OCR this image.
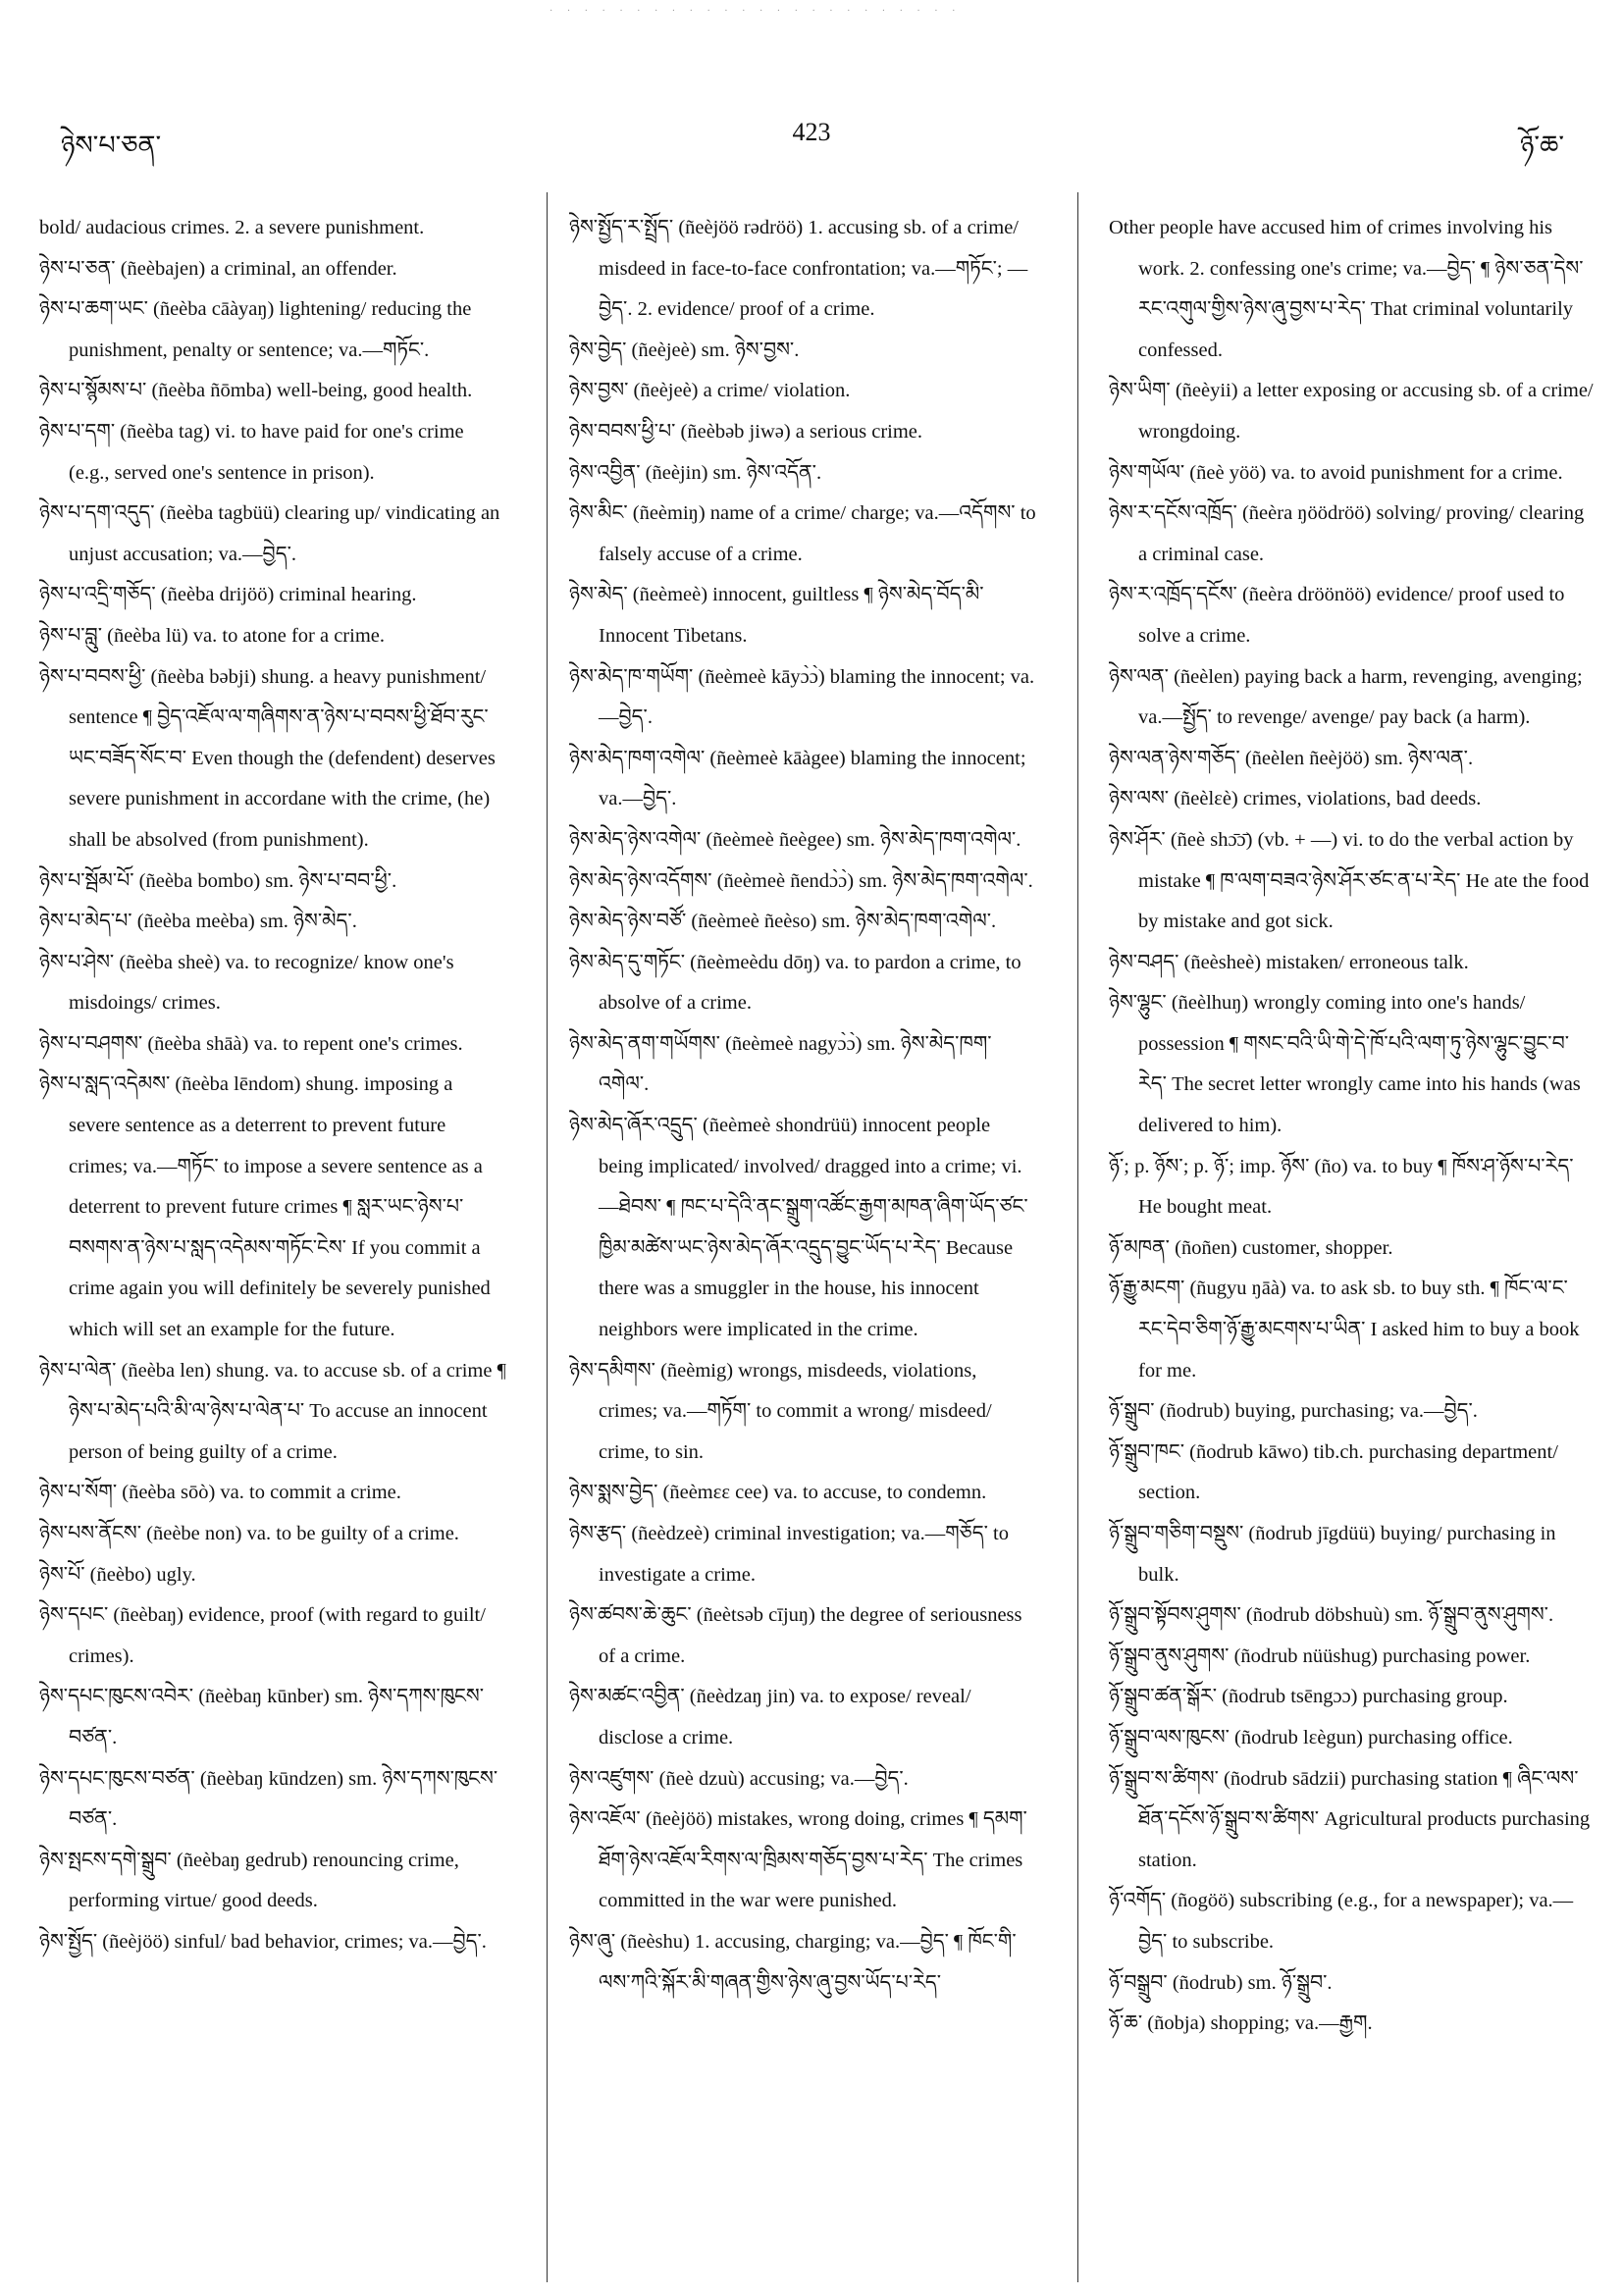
· · · · · · · · · · · · · · · · · · · · · · · ·
ཉེས་པ་ཅན་	423	ཉོ་ཆ་

bold/ audacious crimes. 2. a severe punishment.

ཉེས་པ་ཅན་ (ñeèbajen) a criminal, an offender.

ཉེས་པ་ཆག་ཡང་ (ñeèba cāàyaŋ) lightening/ reducing the punishment, penalty or sentence; va.—གཏོང་.

ཉེས་པ་སྙོམས་པ་ (ñeèba ñōmba) well-being, good health.

ཉེས་པ་དག་ (ñeèba tag) vi. to have paid for one's crime (e.g., served one's sentence in prison).

ཉེས་པ་དག་འདུད་ (ñeèba tagbüü) clearing up/ vindicating an unjust accusation; va.—བྱེད་.

ཉེས་པ་འདྲི་གཅོད་ (ñeèba drijöö) criminal hearing.

ཉེས་པ་བླུ་ (ñeèba lü) va. to atone for a crime.

ཉེས་པ་བབས་ཕྱི་ (ñeèba bəbji) shung. a heavy punishment/ sentence ¶ བྱེད་འཇོལ་ལ་གཞིགས་ན་ཉེས་པ་བབས་ཕྱི་ཐོབ་རུང་ཡང་བཟོད་སོང་བ་ Even though the (defendent) deserves severe punishment in accordane with the crime, (he) shall be absolved (from punishment).

ཉེས་པ་སྦོམ་པོ་ (ñeèba bombo) sm. ཉེས་པ་བབ་ཕྱི་.

ཉེས་པ་མེད་པ་ (ñeèba meèba) sm. ཉེས་མེད་.

ཉེས་པ་ཤེས་ (ñeèba sheè) va. to recognize/ know one's misdoings/ crimes.

ཉེས་པ་བཤགས་ (ñeèba shāà) va. to repent one's crimes.

ཉེས་པ་སླད་འདེམས་ (ñeèba lēndom) shung. imposing a severe sentence as a deterrent to prevent future crimes; va.—གཏོང་ to impose a severe sentence as a deterrent to prevent future crimes ¶ སླར་ཡང་ཉེས་པ་བསགས་ན་ཉེས་པ་སླད་འདེམས་གཏོང་ངེས་ If you commit a crime again you will definitely be severely punished which will set an example for the future.

ཉེས་པ་ལེན་ (ñeèba len) shung. va. to accuse sb. of a crime ¶ ཉེས་པ་མེད་པའི་མི་ལ་ཉེས་པ་ལེན་པ་ To accuse an innocent person of being guilty of a crime.

ཉེས་པ་སོག་ (ñeèba sōò) va. to commit a crime.

ཉེས་པས་ནོངས་ (ñeèbe non) va. to be guilty of a crime.

ཉེས་པོ་ (ñeèbo) ugly.

ཉེས་དཔང་ (ñeèbaŋ) evidence, proof (with regard to guilt/ crimes).

ཉེས་དཔང་ཁུངས་འབེར་ (ñeèbaŋ kūnber) sm. ཉེས་དཀས་ཁུངས་བཙན་.

ཉེས་དཔང་ཁུངས་བཙན་ (ñeèbaŋ kūndzen) sm. ཉེས་དཀས་ཁུངས་བཙན་.

ཉེས་སྤངས་དགེ་སྒྲུབ་ (ñeèbaŋ gedrub) renouncing crime, performing virtue/ good deeds.

ཉེས་སྤྱོད་ (ñeèjöö) sinful/ bad behavior, crimes; va.—བྱེད་.

ཉེས་སྤྱོད་ར་སྤྲོད་ (ñeèjöö rədröö) 1. accusing sb. of a crime/ misdeed in face-to-face confrontation; va.—གཏོང་; —བྱེད་. 2. evidence/ proof of a crime.

ཉེས་བྱེད་ (ñeèjeè) sm. ཉེས་བྱས་.

ཉེས་བྱས་ (ñeèjeè) a crime/ violation.

ཉེས་བབས་ཕྱི་པ་ (ñeèbəb jiwə) a serious crime.

ཉེས་འབྱིན་ (ñeèjin) sm. ཉེས་འདོན་.

ཉེས་མིང་ (ñeèmiŋ) name of a crime/ charge; va.—འདོགས་ to falsely accuse of a crime.

ཉེས་མེད་ (ñeèmeè) innocent, guiltless ¶ ཉེས་མེད་བོད་མི་ Innocent Tibetans.

ཉེས་མེད་ཁ་གཡོག་ (ñeèmeè kāyɔ̀ɔ̀) blaming the innocent; va.—བྱེད་.

ཉེས་མེད་ཁག་འགེལ་ (ñeèmeè kāàgee) blaming the innocent; va.—བྱེད་.

ཉེས་མེད་ཉེས་འགེལ་ (ñeèmeè ñeègee) sm. ཉེས་མེད་ཁག་འགེལ་.

ཉེས་མེད་ཉེས་འདོགས་ (ñeèmeè ñendɔ̀ɔ̀) sm. ཉེས་མེད་ཁག་འགེལ་.

ཉེས་མེད་ཉེས་བཙོ་ (ñeèmeè ñeèso) sm. ཉེས་མེད་ཁག་འགེལ་.

ཉེས་མེད་དུ་གཏོང་ (ñeèmeèdu dōŋ) va. to pardon a crime, to absolve of a crime.

ཉེས་མེད་ནག་གཡོགས་ (ñeèmeè nagyɔ̀ɔ̀) sm. ཉེས་མེད་ཁག་འགེལ་.

ཉེས་མེད་ཞོར་འདྲུད་ (ñeèmeè shondrüü) innocent people being implicated/ involved/ dragged into a crime; vi.—ཐེབས་ ¶ ཁང་པ་དེའི་ནང་སྒྲུག་འཚོང་རྒྱག་མཁན་ཞིག་ཡོད་ཙང་ཁྱིམ་མཚེས་ཡང་ཉེས་མེད་ཞོར་འདྲུད་བྱུང་ཡོད་པ་རེད་ Because there was a smuggler in the house, his innocent neighbors were implicated in the crime.

ཉེས་དམིགས་ (ñeèmig) wrongs, misdeeds, violations, crimes; va.—གཏོག་ to commit a wrong/ misdeed/ crime, to sin.

ཉེས་སྨས་བྱེད་ (ñeèmɛɛ cee) va. to accuse, to condemn.

ཉེས་རྩད་ (ñeèdzeè) criminal investigation; va.—གཅོད་ to investigate a crime.

ཉེས་ཚབས་ཆེ་ཆུང་ (ñeètsəb cījuŋ) the degree of seriousness of a crime.

ཉེས་མཚང་འབྱིན་ (ñeèdzaŋ jin) va. to expose/ reveal/ disclose a crime.

ཉེས་འཛུགས་ (ñeè dzuù) accusing; va.—བྱེད་.

ཉེས་འཇོལ་ (ñeèjöö) mistakes, wrong doing, crimes ¶ དམག་ཐོག་ཉེས་འཇོལ་རིགས་ལ་ཁྲིམས་གཅོད་བྱས་པ་རེད་ The crimes committed in the war were punished.

ཉེས་ཞུ་ (ñeèshu) 1. accusing, charging; va.—བྱེད་ ¶ ཁོང་གི་ལས་ཀའི་སྐོར་མི་གཞན་གྱིས་ཉེས་ཞུ་བྱས་ཡོད་པ་རེད་

Other people have accused him of crimes involving his work. 2. confessing one's crime; va.—བྱེད་ ¶ ཉེས་ཅན་དེས་རང་འགུལ་གྱིས་ཉེས་ཞུ་བྱས་པ་རེད་ That criminal voluntarily confessed.

ཉེས་ཡིག་ (ñeèyii) a letter exposing or accusing sb. of a crime/ wrongdoing.

ཉེས་གཡོལ་ (ñeè yöö) va. to avoid punishment for a crime.

ཉེས་ར་དངོས་འཁྲོད་ (ñeèra ŋöödröö) solving/ proving/ clearing a criminal case.

ཉེས་ར་འཁྲོད་དངོས་ (ñeèra dröönöö) evidence/ proof used to solve a crime.

ཉེས་ལན་ (ñeèlen) paying back a harm, revenging, avenging; va.—སྤྱོད་ to revenge/ avenge/ pay back (a harm).

ཉེས་ལན་ཉེས་གཅོད་ (ñeèlen ñeèjöö) sm. ཉེས་ལན་.

ཉེས་ལས་ (ñeèlɛè) crimes, violations, bad deeds.

ཉེས་ཤོར་ (ñeè shɔ̄ɔ̄) (vb. + —) vi. to do the verbal action by mistake ¶ ཁ་ལག་བཟའ་ཉེས་ཤོར་ཙང་ན་པ་རེད་ He ate the food by mistake and got sick.

ཉེས་བཤད་ (ñeèsheè) mistaken/ erroneous talk.

ཉེས་ལྷུང་ (ñeèlhuŋ) wrongly coming into one's hands/ possession ¶ གསང་བའི་ཡི་གེ་དེ་ཁོ་པའི་ལག་ཏུ་ཉེས་ལྷུང་བྱུང་བ་རེད་ The secret letter wrongly came into his hands (was delivered to him).

ཉོ་; p. ཉོས་; p. ཉོ་; imp. ཉོས་ (ño) va. to buy ¶ ཁོས་ཤ་ཉོས་པ་རེད་ He bought meat.

ཉོ་མཁན་ (ñoñen) customer, shopper.

ཉོ་རྒྱུ་མངག་ (ñugyu ŋāà) va. to ask sb. to buy sth. ¶ ཁོང་ལ་ང་རང་དེབ་ཅིག་ཉོ་རྒྱུ་མངགས་པ་ཡིན་ I asked him to buy a book for me.

ཉོ་སྒྲུབ་ (ñodrub) buying, purchasing; va.—བྱེད་.

ཉོ་སྒྲུབ་ཁང་ (ñodrub kāwo) tib.ch. purchasing department/ section.

ཉོ་སྒྲུབ་གཅིག་བསྡུས་ (ñodrub jīgdüü) buying/ purchasing in bulk.

ཉོ་སྒྲུབ་སྟོབས་ཤུགས་ (ñodrub döbshuù) sm. ཉོ་སྒྲུབ་ནུས་ཤུགས་.

ཉོ་སྒྲུབ་ནུས་ཤུགས་ (ñodrub nüüshug) purchasing power.

ཉོ་སྒྲུབ་ཚན་སྒོར་ (ñodrub tsēngɔɔ) purchasing group.

ཉོ་སྒྲུབ་ལས་ཁུངས་ (ñodrub lɛègun) purchasing office.

ཉོ་སྒྲུབ་ས་ཚིགས་ (ñodrub sādzii) purchasing station ¶ ཞིང་ལས་ཐོན་དངོས་ཉོ་སྒྲུབ་ས་ཚིགས་ Agricultural products purchasing station.

ཉོ་འགོད་ (ñogöö) subscribing (e.g., for a newspaper); va.—བྱེད་ to subscribe.

ཉོ་བསྒྲུབ་ (ñodrub) sm. ཉོ་སྒྲུབ་.

ཉོ་ཆ་ (ñobja) shopping; va.—རྒྱག.
